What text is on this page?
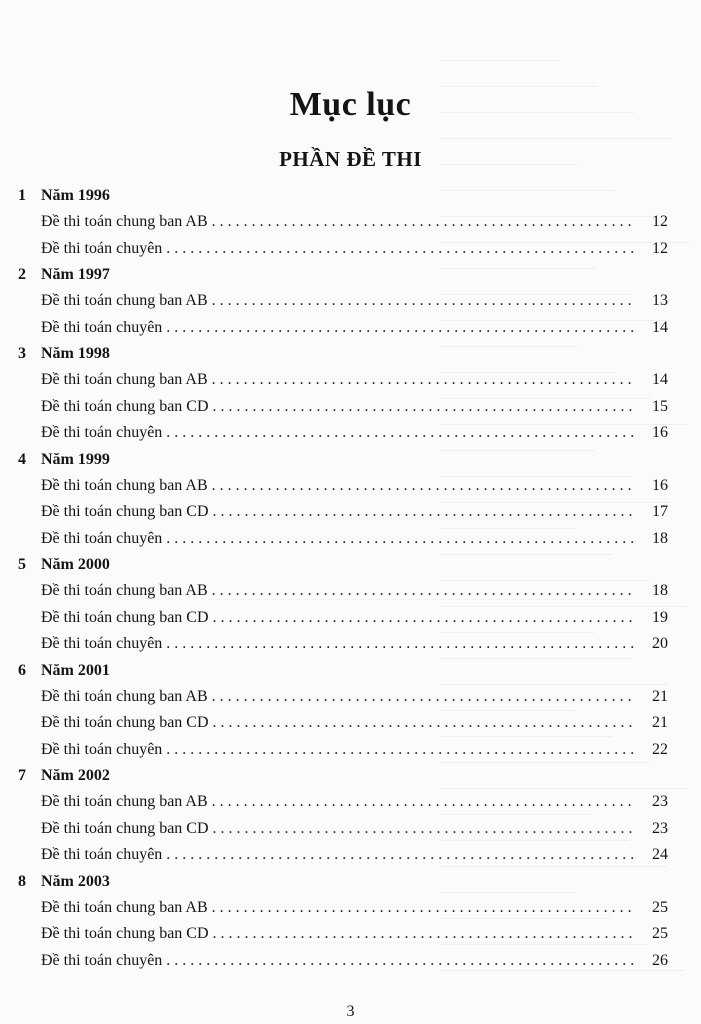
Mục lục
PHẦN ĐỀ THI
1 Năm 1996
Đề thi toán chung ban AB . . .	12
Đề thi toán chuyên . . .	12
2 Năm 1997
Đề thi toán chung ban AB . . .	13
Đề thi toán chuyên . . .	14
3 Năm 1998
Đề thi toán chung ban AB . . .	14
Đề thi toán chung ban CD . . .	15
Đề thi toán chuyên . . .	16
4 Năm 1999
Đề thi toán chung ban AB . . .	16
Đề thi toán chung ban CD . . .	17
Đề thi toán chuyên . . .	18
5 Năm 2000
Đề thi toán chung ban AB . . .	18
Đề thi toán chung ban CD . . .	19
Đề thi toán chuyên . . .	20
6 Năm 2001
Đề thi toán chung ban AB . . .	21
Đề thi toán chung ban CD . . .	21
Đề thi toán chuyên . . .	22
7 Năm 2002
Đề thi toán chung ban AB . . .	23
Đề thi toán chung ban CD . . .	23
Đề thi toán chuyên . . .	24
8 Năm 2003
Đề thi toán chung ban AB . . .	25
Đề thi toán chung ban CD . . .	25
Đề thi toán chuyên . . .	26
3
